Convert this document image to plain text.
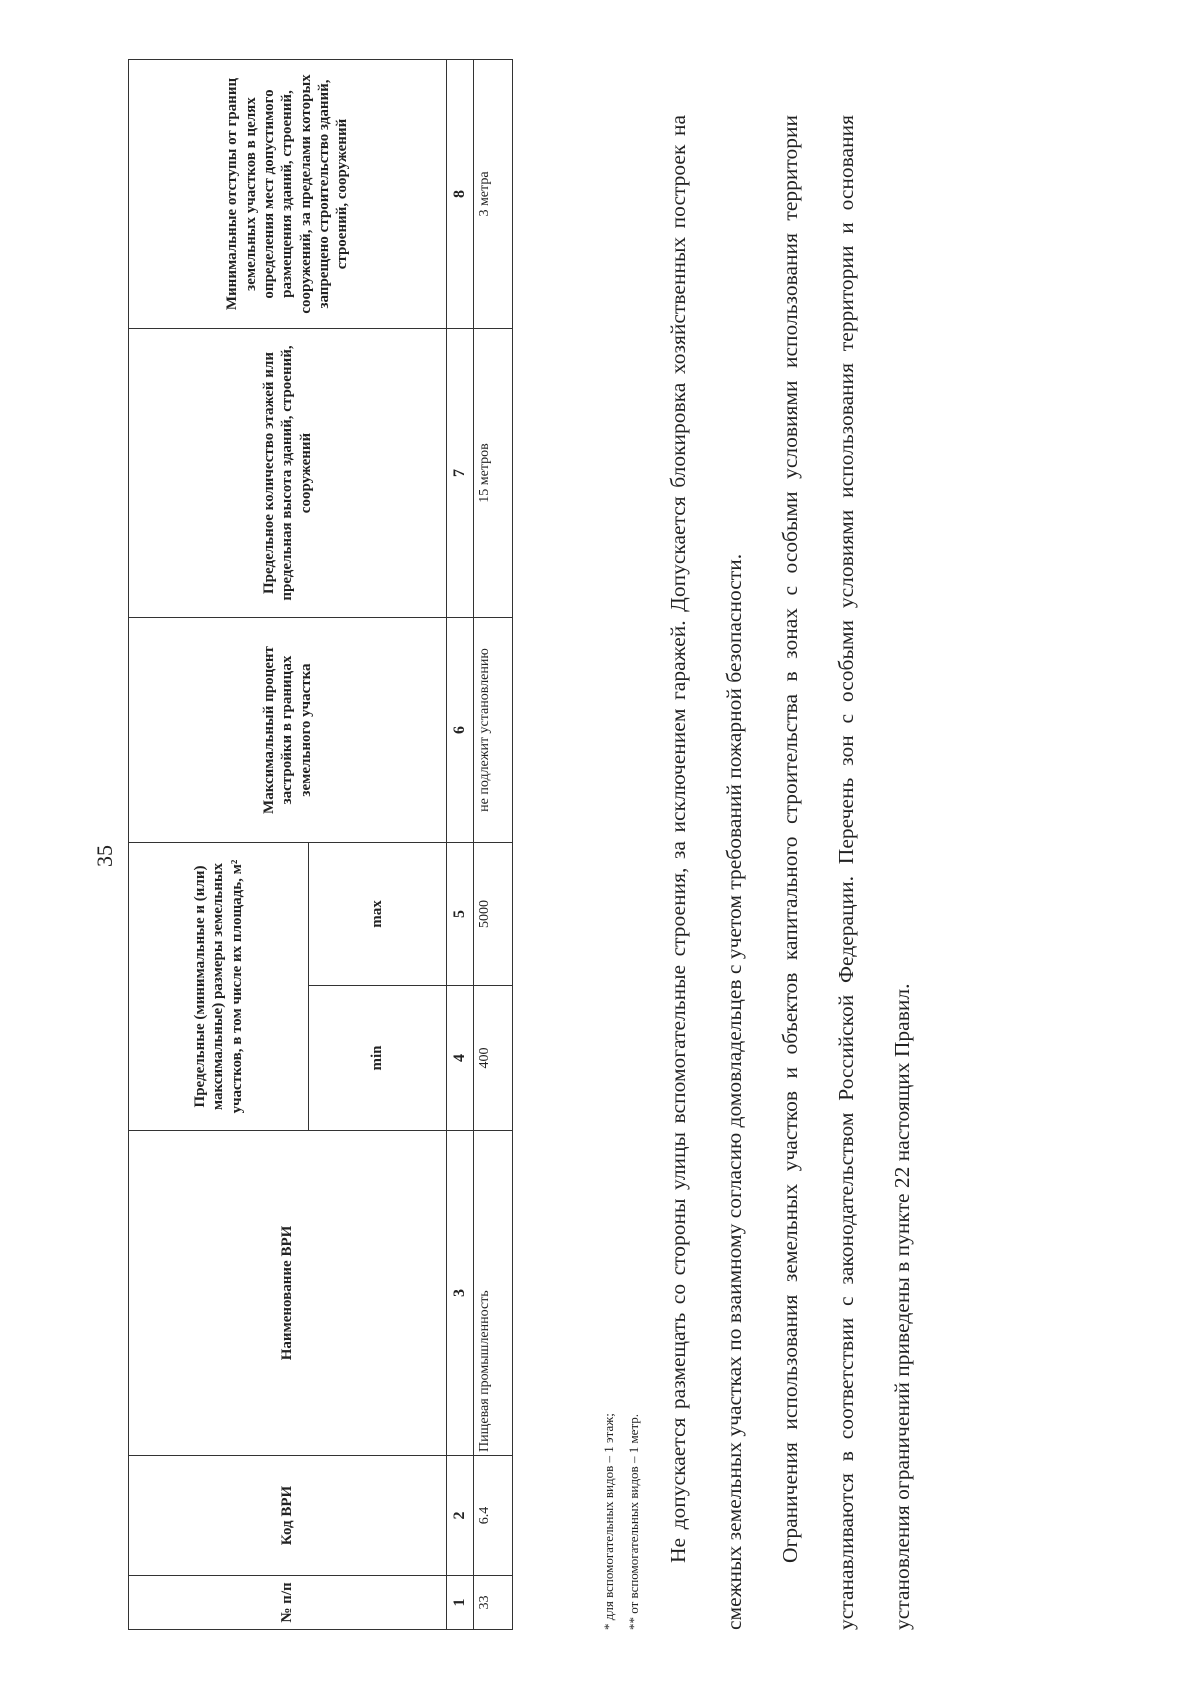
35
№ п/п	Код ВРИ	Наименование ВРИ	Предельные (минимальные и (или) максимальные) размеры земельных участков, в том числе их площадь, м²		Максимальный процент застройки в границах земельного участка	Предельное количество этажей или предельная высота зданий, строений, сооружений	Минимальные отступы от границ земельных участков в целях определения мест допустимого размещения зданий, строений, сооружений, за пределами которых запрещено строительство зданий, строений, сооружений
			min	max			
1	2	3	4	5	6	7	8
33	6.4	Пищевая промышленность	400	5000	не подлежит установлению	15 метров	3 метра
* для вспомогательных видов – 1 этаж; ** от вспомогательных видов – 1 метр.	Не допускается размещать со стороны улицы вспомогательные строения, за исключением гаражей. Допускается блокировка хозяйственных построек на смежных земельных участках по взаимному согласию домовладельцев с учетом требований пожарной безопасности.	Ограничения использования земельных участков и объектов капитального строительства в зонах с особыми условиями использования территории устанавливаются в соответствии с законодательством Российской Федерации. Перечень зон с особыми условиями использования территории и основания установления ограничений приведены в пункте 22 настоящих Правил.
